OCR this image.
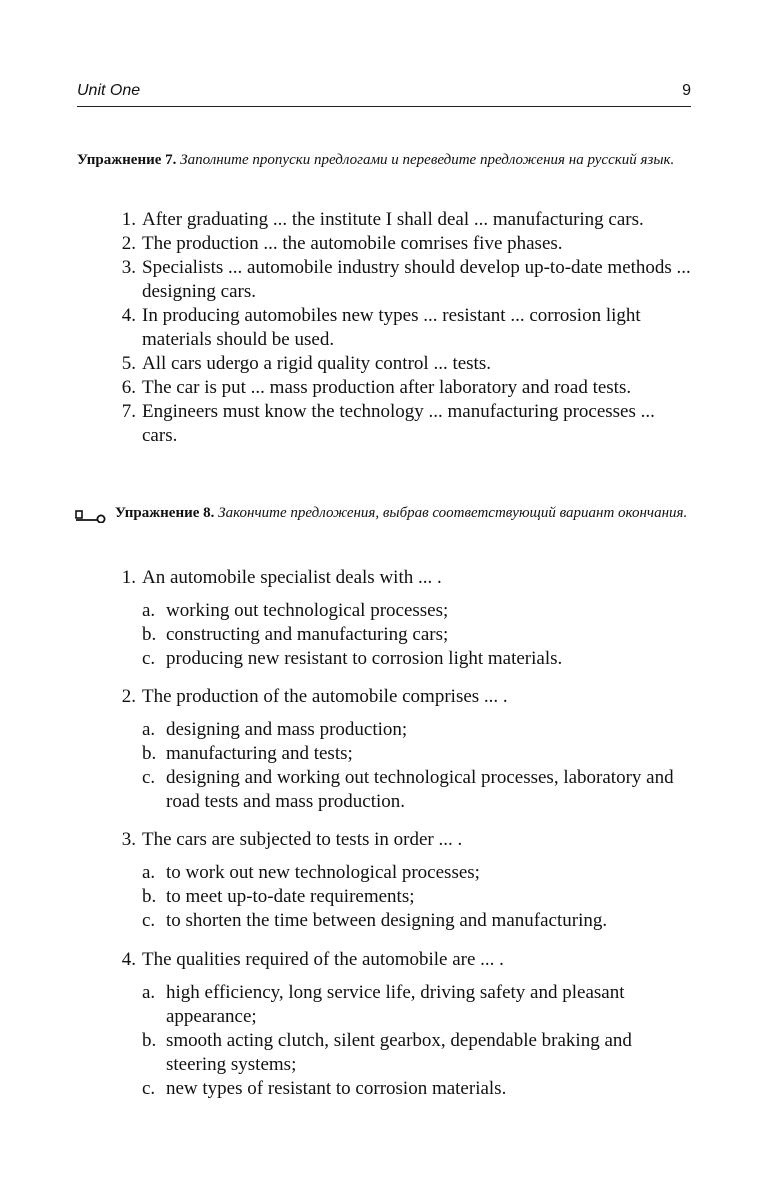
Unit One	9
Упражнение 7. Заполните пропуски предлогами и переведите предложения на русский язык.
1. After graduating ... the institute I shall deal ... manufacturing cars.
2. The production ... the automobile comrises five phases.
3. Specialists ... automobile industry should develop up-to-date methods ... designing cars.
4. In producing automobiles new types ... resistant ... corrosion light materials should be used.
5. All cars udergo a rigid quality control ... tests.
6. The car is put ... mass production after laboratory and road tests.
7. Engineers must know the technology ... manufacturing processes ... cars.
Упражнение 8. Закончите предложения, выбрав соответствующий вариант окончания.
1. An automobile specialist deals with ... .
a. working out technological processes;
b. constructing and manufacturing cars;
c. producing new resistant to corrosion light materials.
2. The production of the automobile comprises ... .
a. designing and mass production;
b. manufacturing and tests;
c. designing and working out technological processes, laboratory and road tests and mass production.
3. The cars are subjected to tests in order ... .
a. to work out new technological processes;
b. to meet up-to-date requirements;
c. to shorten the time between designing and manufacturing.
4. The qualities required of the automobile are ... .
a. high efficiency, long service life, driving safety and pleasant appearance;
b. smooth acting clutch, silent gearbox, dependable braking and steering systems;
c. new types of resistant to corrosion materials.
